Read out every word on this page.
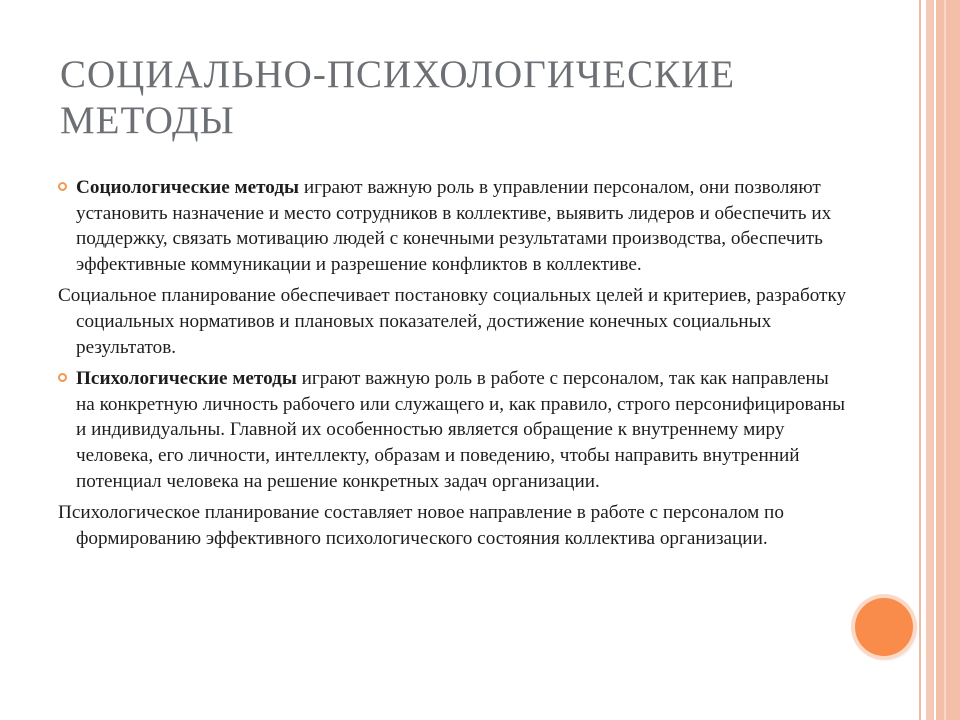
СОЦИАЛЬНО-ПСИХОЛОГИЧЕСКИЕ
МЕТОДЫ

Социологические методы играют важную роль в управлении персоналом, они позволяют установить назначение и место сотрудников в коллективе, выявить лидеров и обеспечить их поддержку, связать мотивацию людей с конечными результатами производства, обеспечить эффективные коммуникации и разрешение конфликтов в коллективе.

Социальное планирование обеспечивает постановку социальных целей и критериев, разработку социальных нормативов и плановых показателей, достижение конечных социальных результатов.

Психологические методы играют важную роль в работе с персоналом, так как направлены на конкретную личность рабочего или служащего и, как правило, строго персонифицированы и индивидуальны. Главной их особенностью является обращение к внутреннему миру человека, его личности, интеллекту, образам и поведению, чтобы направить внутренний потенциал человека на решение конкретных задач организации.

Психологическое планирование составляет новое направление в работе с персоналом по формированию эффективного психологического состояния коллектива организации.
